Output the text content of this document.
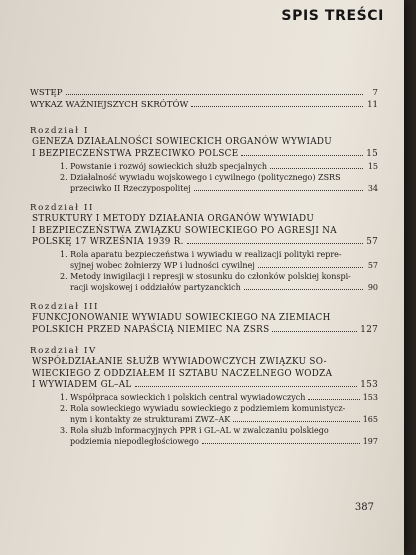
SPIS TREŚCI
WSTĘP	7
WYKAZ WAŻNIEJSZYCH SKRÓTÓW	11
Rozdział I
GENEZA DZIAŁALNOŚCI SOWIECKICH ORGANÓW WYWIADU
I BEZPIECZEŃSTWA PRZECIWKO POLSCE	15
1. Powstanie i rozwój sowieckich służb specjalnych	15
2. Działalność wywiadu wojskowego i cywilnego (politycznego) ZSRS
przeciwko II Rzeczypospolitej	34
Rozdział II
STRUKTURY I METODY DZIAŁANIA ORGANÓW WYWIADU
I BEZPIECZEŃSTWA ZWIĄZKU SOWIECKIEGO PO AGRESJI NA
POLSKĘ 17 WRZEŚNIA 1939 R.	57
1. Rola aparatu bezpieczeństwa i wywiadu w realizacji polityki repre-
syjnej wobec żołnierzy WP i ludności cywilnej	57
2. Metody inwigilacji i represji w stosunku do członków polskiej konspi-
racji wojskowej i oddziałów partyzanckich	90
Rozdział III
FUNKCJONOWANIE WYWIADU SOWIECKIEGO NA ZIEMIACH
POLSKICH PRZED NAPAŚCIĄ NIEMIEC NA ZSRS	127
Rozdział IV
WSPÓŁDZIAŁANIE SŁUŻB WYWIADOWCZYCH ZWIĄZKU SO-
WIECKIEGO Z ODDZIAŁEM II SZTABU NACZELNEGO WODZA
I WYWIADEM GL–AL	153
1. Współpraca sowieckich i polskich central wywiadowczych	153
2. Rola sowieckiego wywiadu sowieckiego z podziemiem komunistycz-
nym i kontakty ze strukturami ZWZ–AK	165
3. Rola służb informacyjnych PPR i GL–AL w zwalczaniu polskiego
podziemia niepodległościowego	197
387
